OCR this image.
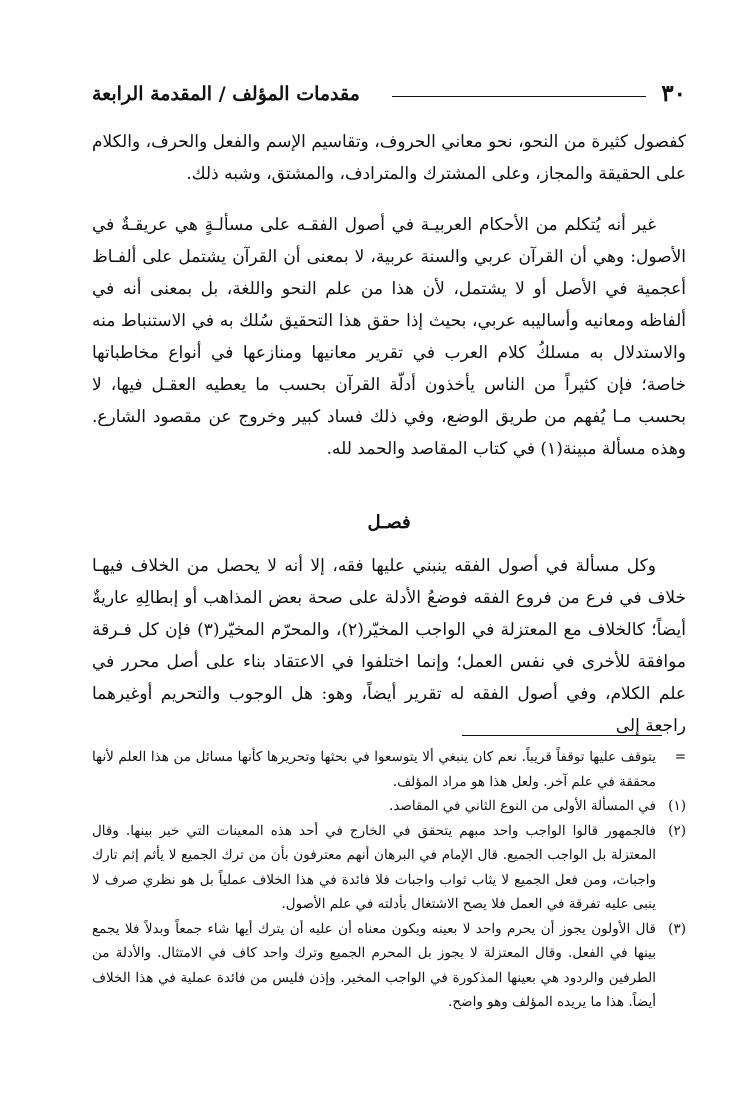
٣٠
مقدمات المؤلف / المقدمة الرابعة

كفصول كثيرة من النحو، نحو معاني الحروف، وتقاسيم الإسم والفعل والحرف، والكلام على الحقيقة والمجاز، وعلى المشترك والمترادف، والمشتق، وشبه ذلك.

غير أنه يُتكلم من الأحكام العربيـة في أصول الفقـه على مسألـةٍ هي عريقـةٌ في الأصول: وهي أن القرآن عربي والسنة عربية، لا بمعنى أن القرآن يشتمل على ألفـاظ أعجمية في الأصل أو لا يشتمل، لأن هذا من علم النحو واللغة، بل بمعنى أنه في ألفاظه ومعانيه وأساليبه عربي، بحيث إذا حقق هذا التحقيق سُلك به في الاستنباط منه والاستدلال به مسلكُ كلام العرب في تقرير معانيها ومنازعها في أنواع مخاطباتها خاصة؛ فإن كثيراً من الناس يأخذون أدلّة القرآن بحسب ما يعطيه العقـل فيها، لا بحسب مـا يُفهم من طريق الوضع، وفي ذلك فساد كبير وخروج عن مقصود الشارع. وهذه مسألة مبينة(١) في كتاب المقاصد والحمد لله.

فصـل

وكل مسألة في أصول الفقه ينبني عليها فقه، إلا أنه لا يحصل من الخلاف فيهـا خلاف في فرع من فروع الفقه فوضعُ الأدلة على صحة بعض المذاهب أو إبطالِهِ عاريةٌ أيضاً؛ كالخلاف مع المعتزلة في الواجب المخيّر(٢)، والمحرّم المخيّر(٣) فإن كل فـرقة موافقة للأخرى في نفس العمل؛ وإنما اختلفوا في الاعتقاد بناء على أصل محرر في علم الكلام، وفي أصول الفقه له تقرير أيضاً، وهو: هل الوجوب والتحريم أوغيرهما راجعة إلى

=
يتوقف عليها توقفاً قريباً. نعم كان ينبغي ألا يتوسعوا في بحثها وتحريرها كأنها مسائل من هذا العلم لأنها محققة في علم آخر. ولعل هذا هو مراد المؤلف.
(١)
في المسألة الأولى من النوع الثاني في المقاصد.
(٢)
فالجمهور قالوا الواجب واحد مبهم يتحقق في الخارج في أحد هذه المعينات التي خير بينها. وقال المعتزلة بل الواجب الجميع. قال الإمام في البرهان أنهم معترفون بأن من ترك الجميع لا يأثم إثم تارك واجبات، ومن فعل الجميع لا يثاب ثواب واجبات فلا فائدة في هذا الخلاف عملياً بل هو نظري صرف لا ينبى عليه تفرقة في العمل فلا يصح الاشتغال بأدلته في علم الأصول.
(٣)
قال الأولون يجوز أن يحرم واحد لا بعينه ويكون معناه أن عليه أن يترك أيها شاء جمعاً وبدلاً فلا يجمع بينها في الفعل. وقال المعتزلة لا يجوز بل المحرم الجميع وترك واحد كاف في الامتثال. والأدلة من الطرفين والردود هي بعينها المذكورة في الواجب المخير. وإذن فليس من فائدة عملية في هذا الخلاف أيضاً. هذا ما يريده المؤلف وهو واضح.
